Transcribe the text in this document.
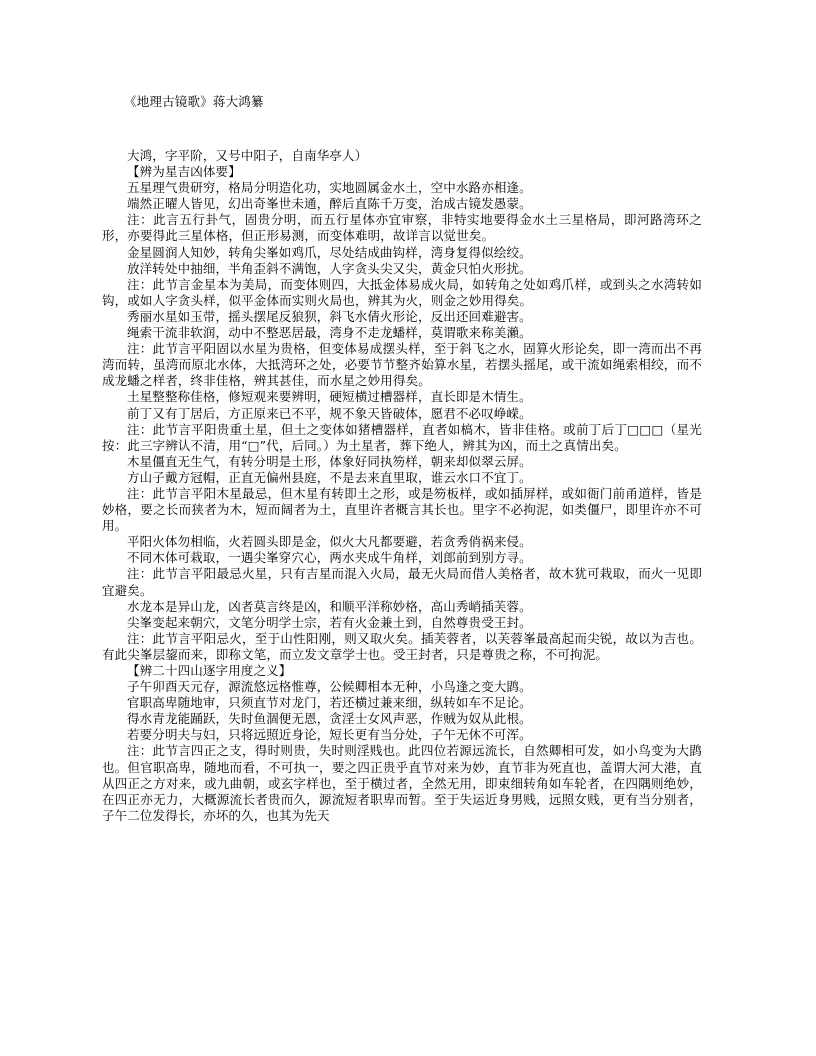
《地理古镜歌》蒋大鸿纂

大鸿，字平阶，又号中阳子，自南华亭人）

【辨为星吉凶体要】

五星理气贵研穷，格局分明造化功，实地圆属金水土，空中水路亦相逢。

端然正曜人皆见，幻出奇峯世未通，醉后直陈千万变，治成古镜发愚蒙。

注：此言五行卦气，固贵分明，而五行星体亦宜审察，非特实地要得金水土三星格局，即河路湾环之形，亦要得此三星体格，但正形易测，而变体难明，故详言以觉世矣。

金星圆润人知妙，转角尖峯如鸡爪，尽处结成曲钩样，湾身复得似绘绞。

放洋转处中抽细，半角歪斜不满饱，人字贪头尖又尖，黄金只怕火形扰。

注：此节言金星本为美局，而变体则四，大抵金体易成火局，如转角之处如鸡爪样，或到头之水湾转如钩，或如人字贪头样，似平金体而实则火局也，辨其为火，则金之妙用得矣。

秀丽水星如玉带，摇头摆尾反狼狈，斜飞水倩火形论，反出还回难避害。

绳索干流非软润，动中不整恶居最，湾身不走龙蟠样，莫谓歌来称美瀨。

注：此节言平阳固以水星为贵格，但变体易成摆头样，至于斜飞之水，固算火形论矣，即一湾而出不再湾而转，虽湾而原北水体，大抵湾环之处，必要节节整齐始算水星，若摆头摇尾，或干流如绳索相绞，而不成龙蟠之样者，终非佳格，辨其甚佳，而水星之妙用得矣。

土星整整称佳格，修短观来要辨明，硬短横过槽器样，直长即是木情生。

前丁又有丁居后，方正原来已不平，规不象天皆破体，愿君不必叹峥嵘。

注：此节言平阳贵重土星，但土之变体如猪槽器样，直者如槁木，皆非佳格。或前丁后丁□□□（星光按：此三字辨认不清，用“□”代，后同。）为土星者，葬下绝人，辨其为凶，而土之真情出矣。

木星僵直无生气，有转分明是土形，体象好同执笏样，朝来却似翠云屏。

方山子戴方冠帽，正直无偏州县庭，不是去来直里取，谁云水口不宜丁。

注：此节言平阳木星最忌，但木星有转即土之形，或是笏板样，或如插屏样，或如衙门前甬道样，皆是妙格，要之长而狭者为木，短而阔者为土，直里许者概言其长也。里字不必拘泥，如类僵尸，即里许亦不可用。

平阳火体勿相临，火若圆头即是金，似火大凡都要避，若贪秀俏祸来侵。

不同木体可栽取，一遇尖峯穿穴心，两水夹成牛角样，刘郎前到别方寻。

注：此节言平阳最忌火星，只有吉星而混入火局，最无火局而借人美格者，故木犹可栽取，而火一见即宜避矣。

水龙本是异山龙，凶者莫言终是凶，和顺平洋称妙格，高山秀峭插芙蓉。

尖峯变起来朝穴，文笔分明学士宗，若有火金兼土到，自然尊贵受王封。

注：此节言平阳忌火，至于山性阳刚，则又取火矣。插芙蓉者，以芙蓉峯最高起而尖锐，故以为吉也。有此尖峯层鋆而来，即称文笔，而立发文章学士也。受王封者，只是尊贵之称，不可拘泥。

【辨二十四山逐字用度之义】

子午卯酉天元存，源流悠远格惟尊，公候卿相本无种，小鸟逢之变大鹍。

官职高卑随地审，只须直节对龙门，若还横过兼来细，纵转如车不足论。

得水青龙能踊跃，失时鱼涸便无恩，贪淫士女风声恶，作贼为奴从此根。

若要分明夫与妇，只将远照近身论，短长更有当分处，子午无休不可浑。

注：此节言四正之支，得时则贵，失时则淫贱也。此四位若源远流长，自然卿相可发，如小鸟变为大鹍也。但官职高卑，随地而看，不可执一，要之四正贵乎直节对来为妙，直节非为死直也，盖谓大河大港，直从四正之方对来，或九曲朝，或玄字样也，至于横过者，全然无用，即束细转角如车轮者，在四隅则绝妙，在四正亦无力，大概源流长者贵而久，源流短者职卑而暂。至于失运近身男贱，远照女贱，更有当分别者，子午二位发得长，亦坏的久，也其为先天
